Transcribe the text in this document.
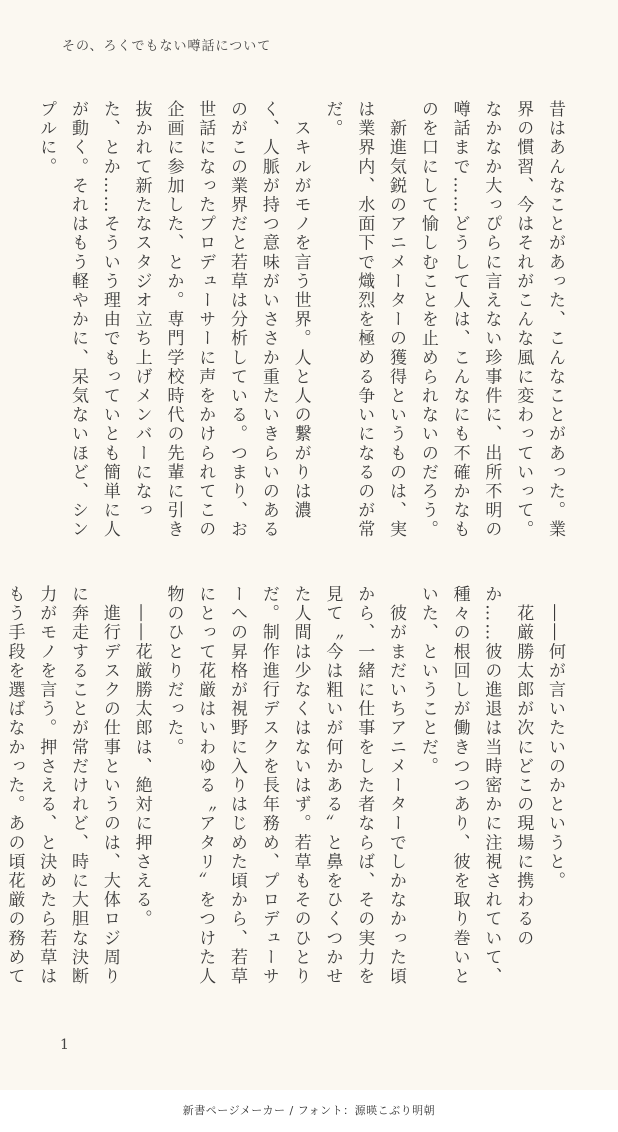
その、ろくでもない噂話について

昔はあんなことがあった、こんなことがあった。業界の慣習、今はそれがこんな風に変わっていって。なかなか大っぴらに言えない珍事件に、出所不明の噂話まで……どうして人は、こんなにも不確かなものを口にして愉しむことを止められないのだろう。

　新進気鋭のアニメーターの獲得というものは、実は業界内、水面下で熾烈を極める争いになるのが常だ。

　スキルがモノを言う世界。人と人の繋がりは濃く、人脈が持つ意味がいささか重たいきらいのあるのがこの業界だと若草は分析している。つまり、お世話になったプロデューサーに声をかけられてこの企画に参加した、とか。専門学校時代の先輩に引き抜かれて新たなスタジオ立ち上げメンバーになった、とか……そういう理由でもっていとも簡単に人が動く。それはもう軽やかに、呆気ないほど、シンプルに。

　――何が言いたいのかというと。

　花厳勝太郎が次にどこの現場に携わるのか……彼の進退は当時密かに注視されていて、種々の根回しが働きつつあり、彼を取り巻いといた、ということだ。

　彼がまだいちアニメーターでしかなかった頃から、一緒に仕事をした者ならば、その実力を見て〝今は粗いが何かある〟と鼻をひくつかせた人間は少なくはないはず。若草もそのひとりだ。制作進行デスクを長年務め、プロデューサーへの昇格が視野に入りはじめた頃から、若草にとって花厳はいわゆる〝アタリ〟をつけた人物のひとりだった。

　――花厳勝太郎は、絶対に押さえる。

　進行デスクの仕事というのは、大体ロジ周りに奔走することが常だけれど、時に大胆な決断力がモノを言う。押さえる、と決めたら若草はもう手段を選ばなかった。あの頃花厳の務めて

1
新書ページメーカー / フォント：源暎こぶり明朝
